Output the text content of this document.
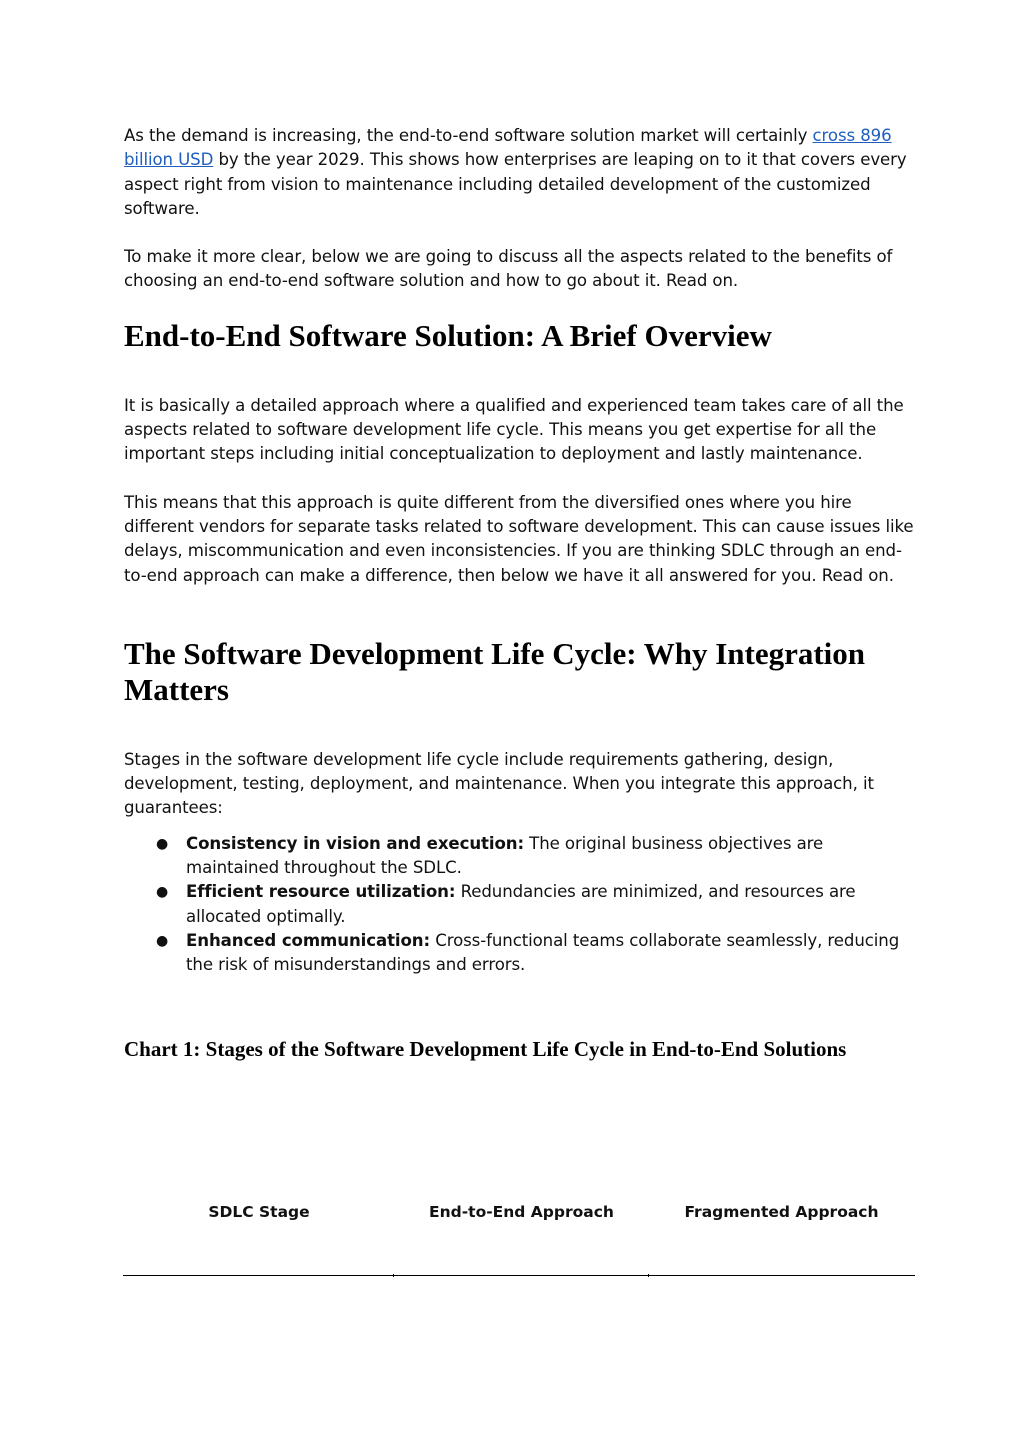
As the demand is increasing, the end-to-end software solution market will certainly cross 896 billion USD by the year 2029. This shows how enterprises are leaping on to it that covers every aspect right from vision to maintenance including detailed development of the customized software.

To make it more clear, below we are going to discuss all the aspects related to the benefits of choosing an end-to-end software solution and how to go about it. Read on.

End-to-End Software Solution: A Brief Overview

It is basically a detailed approach where a qualified and experienced team takes care of all the aspects related to software development life cycle. This means you get expertise for all the important steps including initial conceptualization to deployment and lastly maintenance.

This means that this approach is quite different from the diversified ones where you hire different vendors for separate tasks related to software development. This can cause issues like delays, miscommunication and even inconsistencies. If you are thinking SDLC through an end-to-end approach can make a difference, then below we have it all answered for you. Read on.

The Software Development Life Cycle: Why Integration Matters

Stages in the software development life cycle include requirements gathering, design, development, testing, deployment, and maintenance. When you integrate this approach, it guarantees:

● Consistency in vision and execution: The original business objectives are maintained throughout the SDLC.
● Efficient resource utilization: Redundancies are minimized, and resources are allocated optimally.
● Enhanced communication: Cross-functional teams collaborate seamlessly, reducing the risk of misunderstandings and errors.
Chart 1: Stages of the Software Development Life Cycle in End-to-End Solutions
SDLC Stage	End-to-End Approach	Fragmented Approach
